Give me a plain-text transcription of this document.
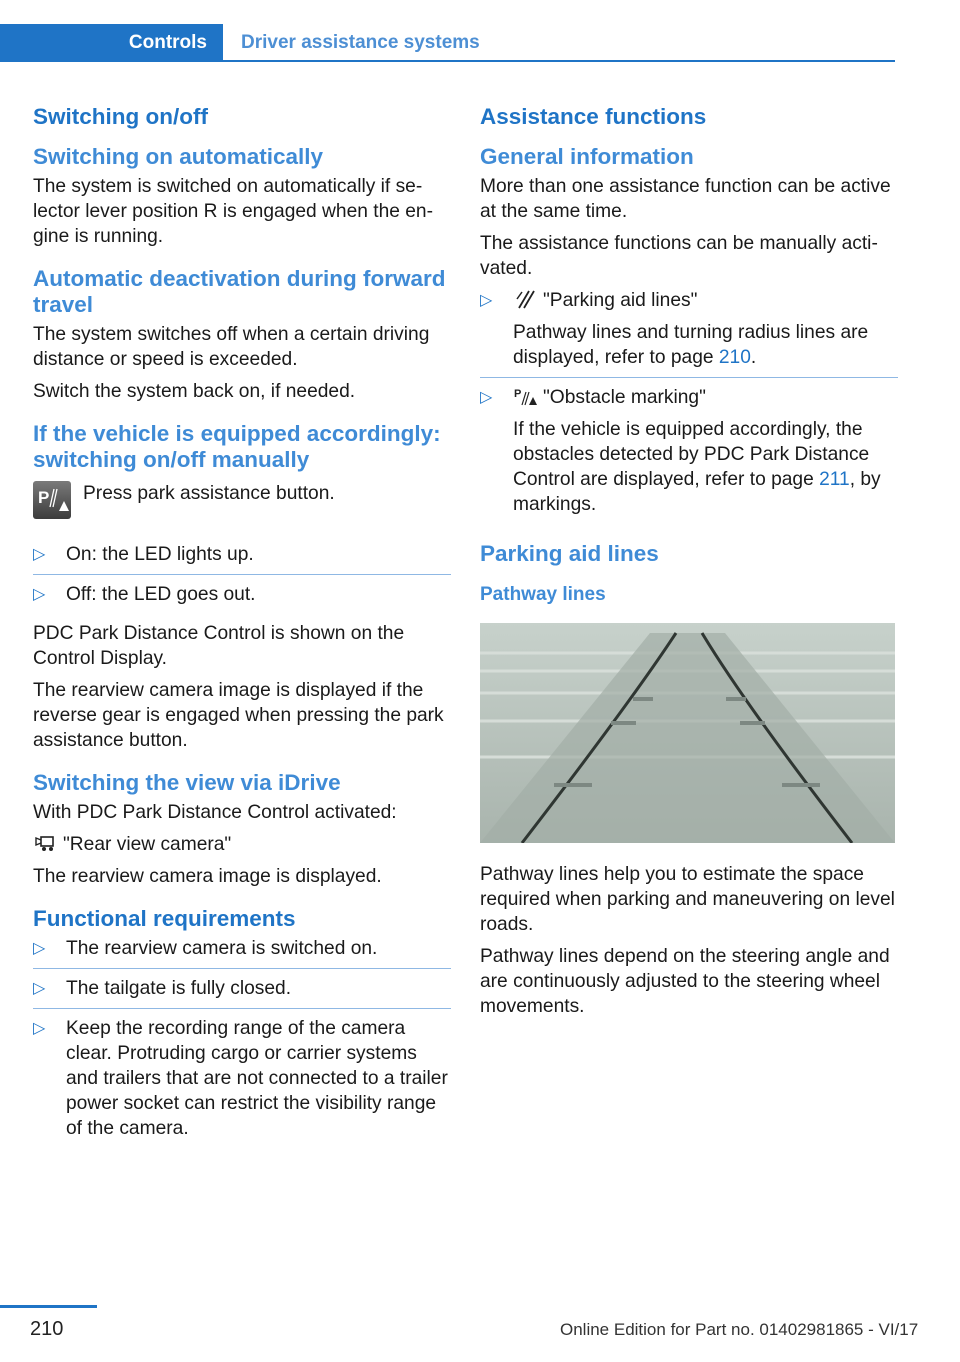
Controls	Driver assistance systems
Switching on/off
Switching on automatically

The system is switched on automatically if selector lever position R is engaged when the engine is running.

Automatic deactivation during forward travel

The system switches off when a certain driving distance or speed is exceeded.

Switch the system back on, if needed.

If the vehicle is equipped accordingly: switching on/off manually
P Press park assistance button.
▷ On: the LED lights up.
▷ Off: the LED goes out.

PDC Park Distance Control is shown on the Control Display.

The rearview camera image is displayed if the reverse gear is engaged when pressing the park assistance button.

Switching the view via iDrive

With PDC Park Distance Control activated:

"Rear view camera"

The rearview camera image is displayed.

Functional requirements
▷ The rearview camera is switched on.
▷ The tailgate is fully closed.
▷ Keep the recording range of the camera clear. Protruding cargo or carrier systems and trailers that are not connected to a trailer power socket can restrict the visibility range of the camera.
Assistance functions
General information

More than one assistance function can be active at the same time.

The assistance functions can be manually activated.

▷	"Parking aid lines"
Pathway lines and turning radius lines are displayed, refer to page 210.
▷ P "Obstacle marking"
If the vehicle is equipped accordingly, the obstacles detected by PDC Park Distance Control are displayed, refer to page 211, by markings.
Parking aid lines
Pathway lines

Pathway lines help you to estimate the space required when parking and maneuvering on level roads.

Pathway lines depend on the steering angle and are continuously adjusted to the steering wheel movements.

210	Online Edition for Part no. 01402981865 - VI/17
